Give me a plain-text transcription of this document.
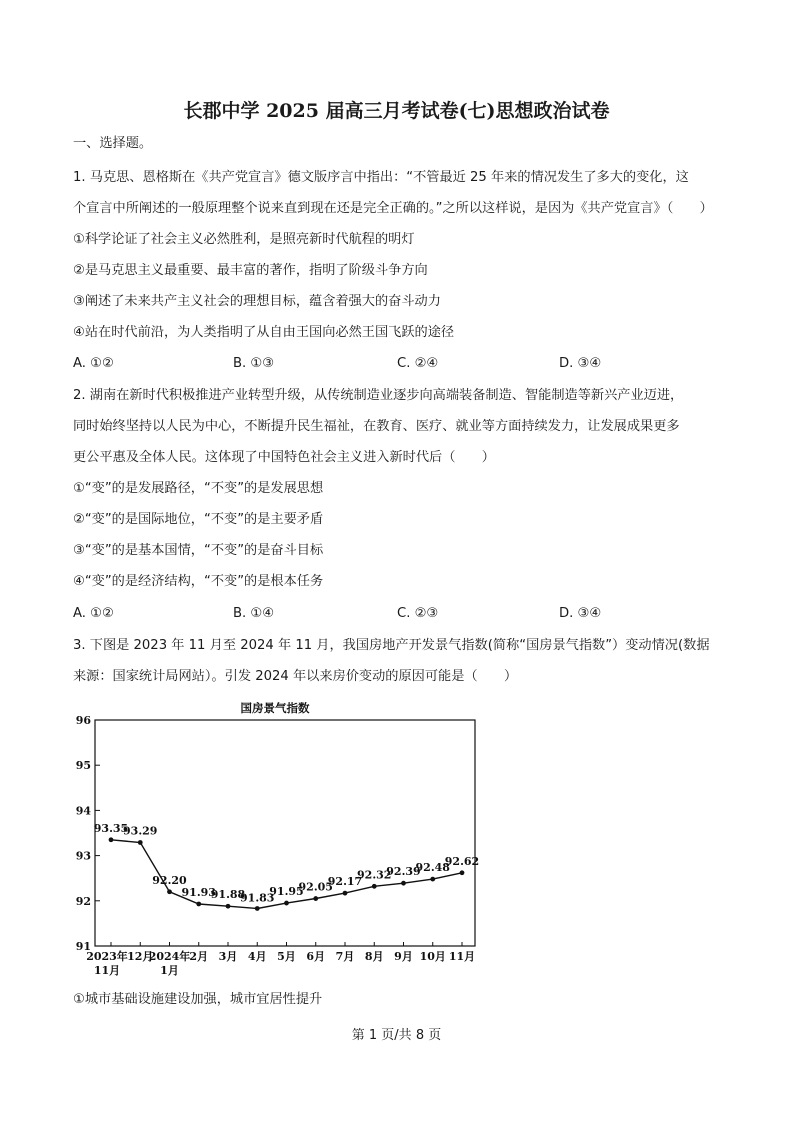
长郡中学 2025 届高三月考试卷(七)思想政治试卷
一、选择题。
1. 马克思、恩格斯在《共产党宣言》德文版序言中指出：“不管最近 25 年来的情况发生了多大的变化，这
个宣言中所阐述的一般原理整个说来直到现在还是完全正确的。”之所以这样说，是因为《共产党宣言》（　　）
①科学论证了社会主义必然胜利，是照亮新时代航程的明灯
②是马克思主义最重要、最丰富的著作，指明了阶级斗争方向
③阐述了未来共产主义社会的理想目标，蕴含着强大的奋斗动力
④站在时代前沿，为人类指明了从自由王国向必然王国飞跃的途径
A. ①②	B. ①③	C. ②④	D. ③④
2. 湖南在新时代积极推进产业转型升级，从传统制造业逐步向高端装备制造、智能制造等新兴产业迈进，
同时始终坚持以人民为中心，不断提升民生福祉，在教育、医疗、就业等方面持续发力，让发展成果更多
更公平惠及全体人民。这体现了中国特色社会主义进入新时代后（　　）
①“变”的是发展路径，“不变”的是发展思想
②“变”的是国际地位，“不变”的是主要矛盾
③“变”的是基本国情，“不变”的是奋斗目标
④“变”的是经济结构，“不变”的是根本任务
A. ①②	B. ①④	C. ②③	D. ③④
3. 下图是 2023 年 11 月至 2024 年 11 月，我国房地产开发景气指数(简称“国房景气指数”）变动情况(数据
来源：国家统计局网站）。引发 2024 年以来房价变动的原因可能是（　　）
国房景气指数
91
92
93
94
95
96
2023年
11月
12月
2024年
1月
2月 3月 4月 5月 6月 7月 8月 9月 10月 11月
93.35
93.29
92.20
91.93
91.88
91.83
91.95
92.05
92.17
92.32
92.39
92.48
92.62
①城市基础设施建设加强，城市宜居性提升
第 1 页/共 8 页
